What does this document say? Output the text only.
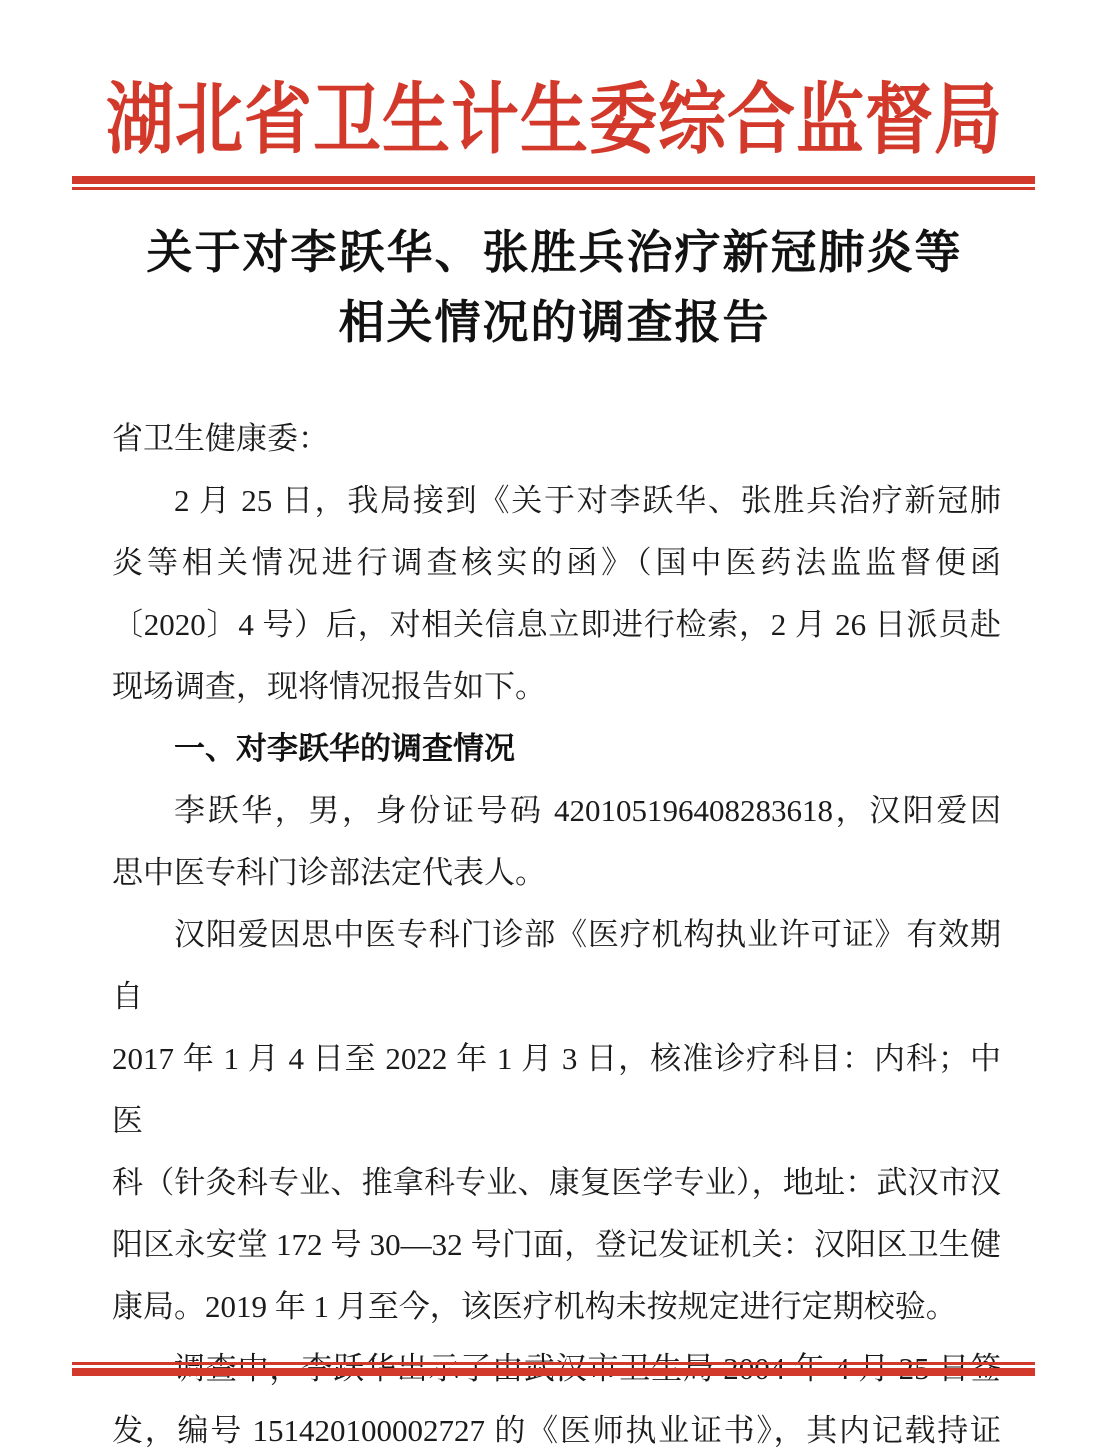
湖北省卫生计生委综合监督局
关于对李跃华、张胜兵治疗新冠肺炎等
相关情况的调查报告
省卫生健康委：
2 月 25 日，我局接到《关于对李跃华、张胜兵治疗新冠肺
炎等相关情况进行调查核实的函》（国中医药法监监督便函
〔2020〕4 号）后，对相关信息立即进行检索，2 月 26 日派员赴
现场调查，现将情况报告如下。
一、对李跃华的调查情况
李跃华，男，身份证号码 420105196408283618，汉阳爱因
思中医专科门诊部法定代表人。
汉阳爱因思中医专科门诊部《医疗机构执业许可证》有效期自
2017 年 1 月 4 日至 2022 年 1 月 3 日，核准诊疗科目：内科；中医
科（针灸科专业、推拿科专业、康复医学专业），地址：武汉市汉
阳区永安堂 172 号 30—32 号门面，登记发证机关：汉阳区卫生健
康局。2019 年 1 月至今，该医疗机构未按规定进行定期校验。
发，编号 151420100002727 的《医师执业证书》，其内记载持证
